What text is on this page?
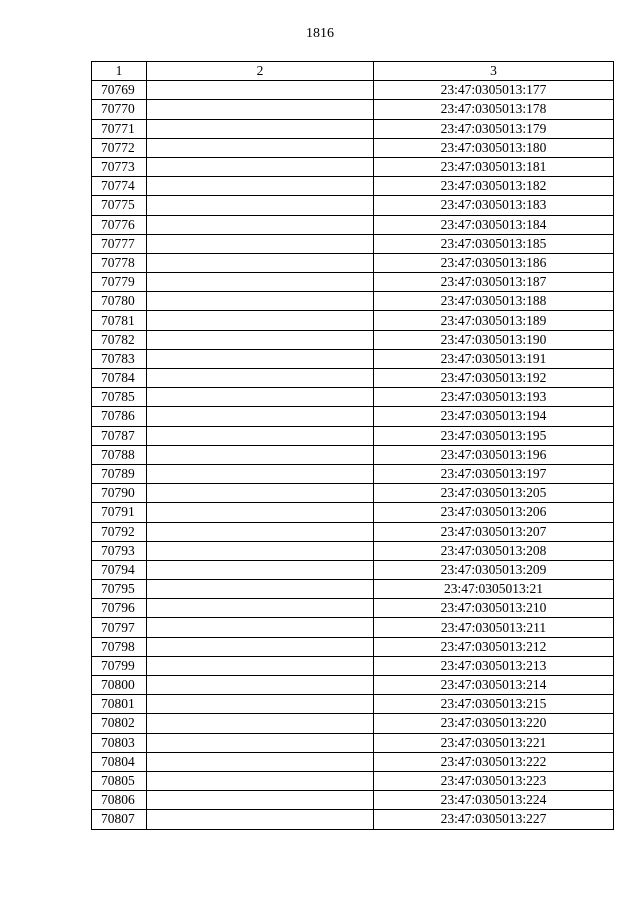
1816
1	2	3
70769		23:47:0305013:177
70770		23:47:0305013:178
70771		23:47:0305013:179
70772		23:47:0305013:180
70773		23:47:0305013:181
70774		23:47:0305013:182
70775		23:47:0305013:183
70776		23:47:0305013:184
70777		23:47:0305013:185
70778		23:47:0305013:186
70779		23:47:0305013:187
70780		23:47:0305013:188
70781		23:47:0305013:189
70782		23:47:0305013:190
70783		23:47:0305013:191
70784		23:47:0305013:192
70785		23:47:0305013:193
70786		23:47:0305013:194
70787		23:47:0305013:195
70788		23:47:0305013:196
70789		23:47:0305013:197
70790		23:47:0305013:205
70791		23:47:0305013:206
70792		23:47:0305013:207
70793		23:47:0305013:208
70794		23:47:0305013:209
70795		23:47:0305013:21
70796		23:47:0305013:210
70797		23:47:0305013:211
70798		23:47:0305013:212
70799		23:47:0305013:213
70800		23:47:0305013:214
70801		23:47:0305013:215
70802		23:47:0305013:220
70803		23:47:0305013:221
70804		23:47:0305013:222
70805		23:47:0305013:223
70806		23:47:0305013:224
70807		23:47:0305013:227
